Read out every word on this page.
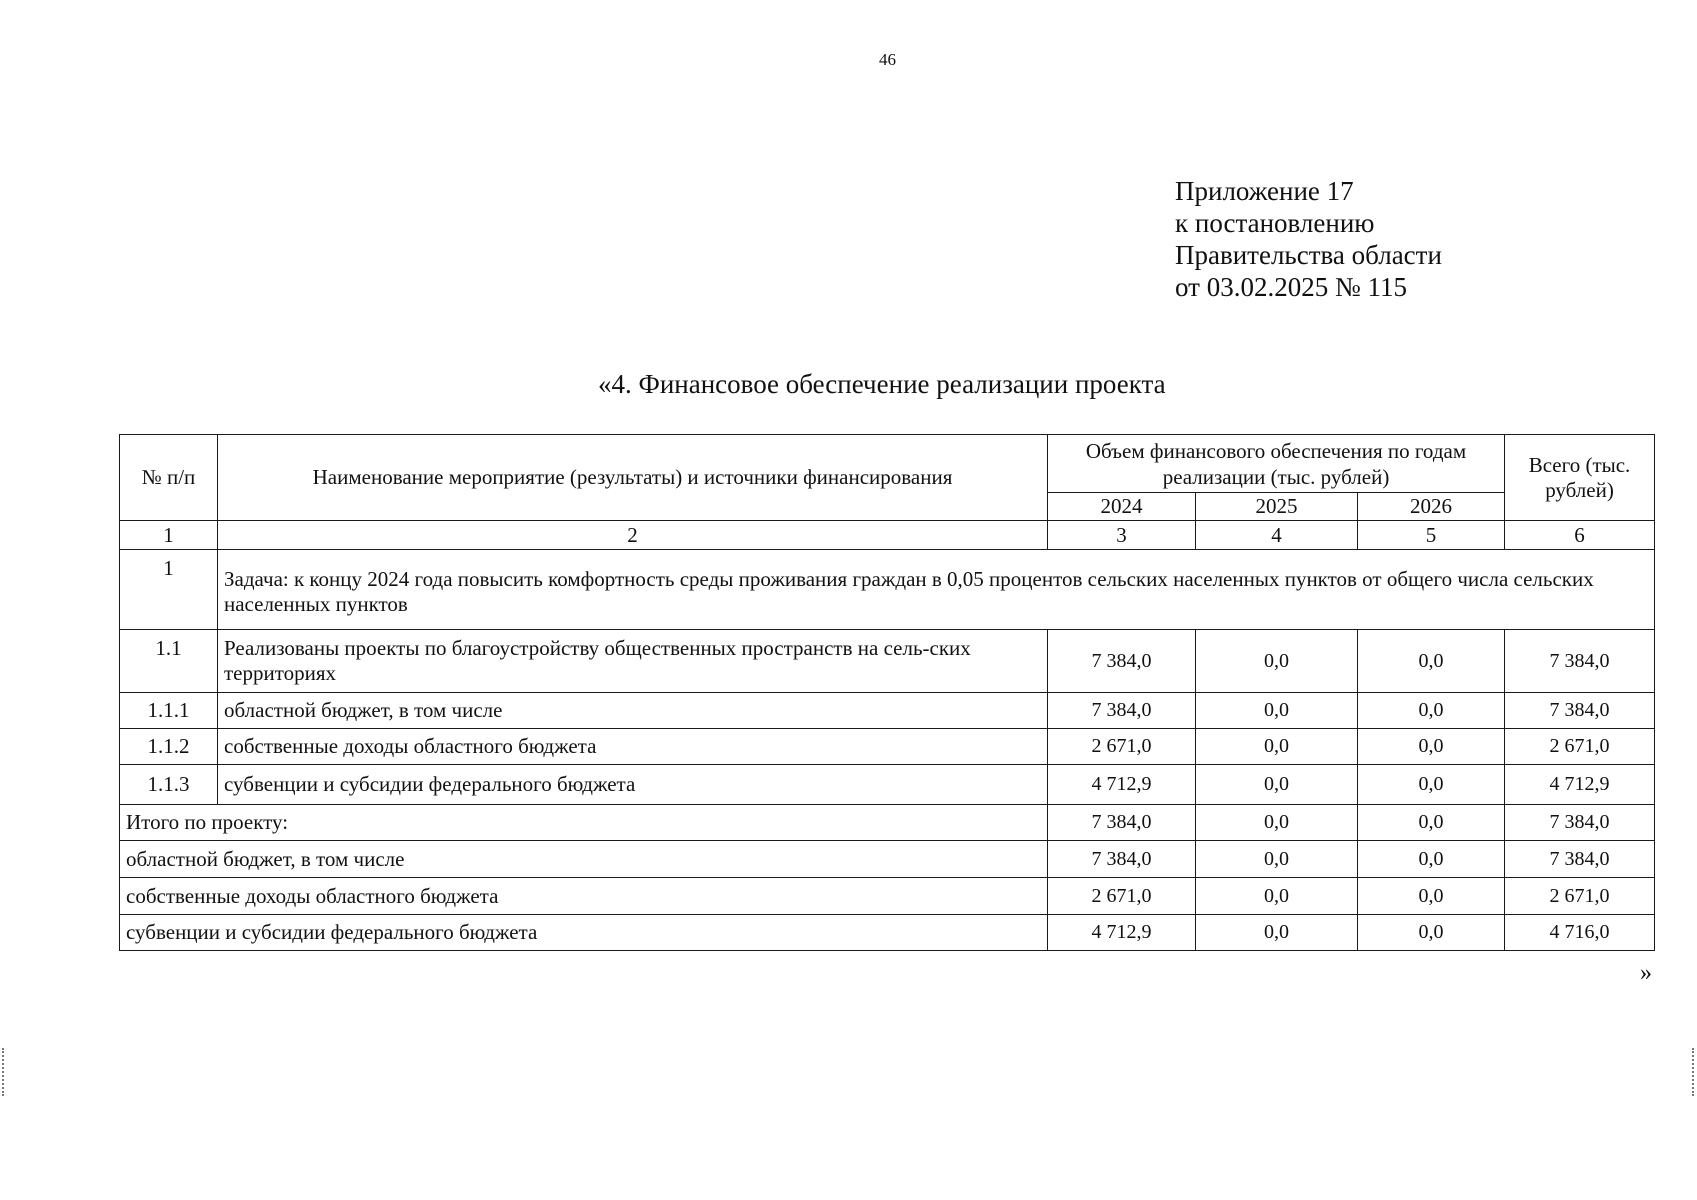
46
Приложение 17
к постановлению
Правительства области
от 03.02.2025 № 115
«4. Финансовое обеспечение реализации проекта
№ п/п	Наименование мероприятие (результаты) и источники финансирования	Объем финансового обеспечения по годам реализации (тыс. рублей)			Всего (тыс. рублей)
		2024	2025	2026	
1	2	3	4	5	6
1	Задача: к концу 2024 года повысить комфортность среды проживания граждан в 0,05 процентов сельских населенных пунктов от общего числа сельских населенных пунктов				
1.1	Реализованы проекты по благоустройству общественных пространств на сель-ских территориях	7 384,0	0,0	0,0	7 384,0
1.1.1	областной бюджет, в том числе	7 384,0	0,0	0,0	7 384,0
1.1.2	собственные доходы областного бюджета	2 671,0	0,0	0,0	2 671,0
1.1.3	субвенции и субсидии федерального бюджета	4 712,9	0,0	0,0	4 712,9
Итого по проекту:		7 384,0	0,0	0,0	7 384,0
областной бюджет, в том числе		7 384,0	0,0	0,0	7 384,0
собственные доходы областного бюджета		2 671,0	0,0	0,0	2 671,0
субвенции и субсидии федерального бюджета		4 712,9	0,0	0,0	4 716,0
»
